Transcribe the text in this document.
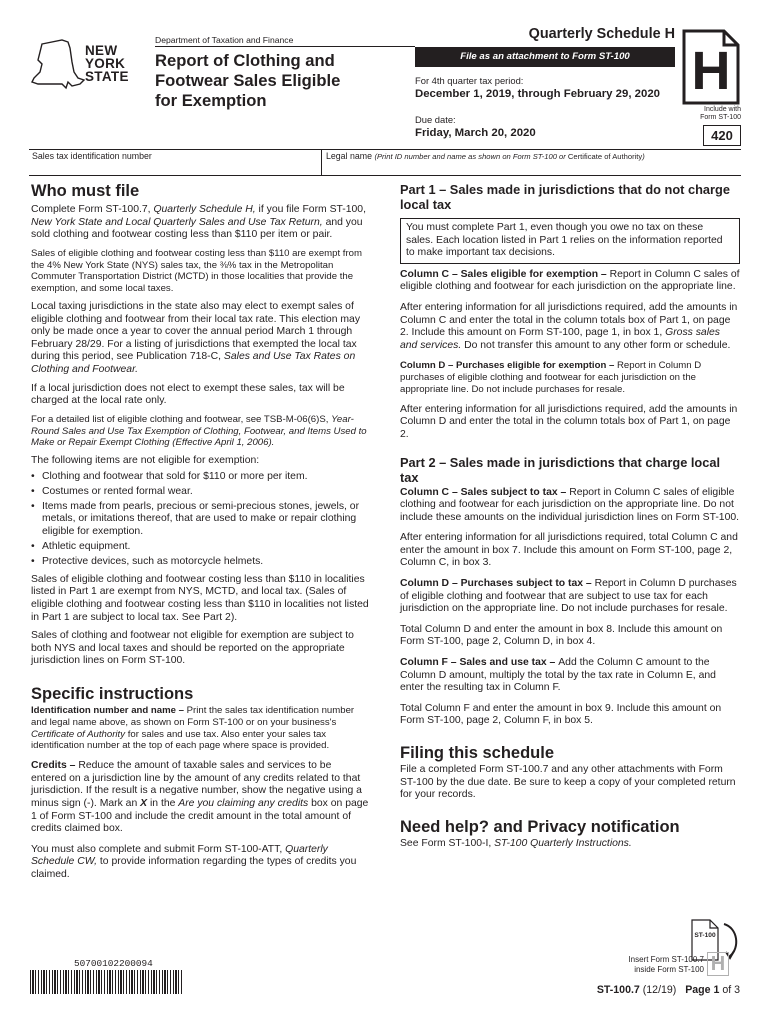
NEW
YORK
STATE
Department of Taxation and Finance
Report of Clothing and
Footwear Sales Eligible
for Exemption
Quarterly Schedule H
File as an attachment to Form ST-100
For 4th quarter tax period:
December 1, 2019, through February 29, 2020
Due date:
Friday, March 20, 2020
H
Include with
Form ST-100
420
Sales tax identification number	Legal name (Print ID number and name as shown on Form ST-100 or Certificate of Authority)
Who must file
Complete Form ST-100.7, Quarterly Schedule H, if you file Form ST-100, New York State and Local Quarterly Sales and Use Tax Return, and you sold clothing and footwear costing less than $110 per item or pair.
Sales of eligible clothing and footwear costing less than $110 are exempt from the 4% New York State (NYS) sales tax, the ⅜% tax in the Metropolitan Commuter Transportation District (MCTD) in those localities that provide the exemption, and some local taxes.
Local taxing jurisdictions in the state also may elect to exempt sales of eligible clothing and footwear from their local tax rate. This election may only be made once a year to cover the annual period March 1 through February 28/29. For a listing of jurisdictions that exempted the local tax during this period, see Publication 718-C, Sales and Use Tax Rates on Clothing and Footwear.
If a local jurisdiction does not elect to exempt these sales, tax will be charged at the local rate only.
For a detailed list of eligible clothing and footwear, see TSB-M-06(6)S, Year-Round Sales and Use Tax Exemption of Clothing, Footwear, and Items Used to Make or Repair Exempt Clothing (Effective April 1, 2006).
The following items are not eligible for exemption:
• Clothing and footwear that sold for $110 or more per item.
• Costumes or rented formal wear.
• Items made from pearls, precious or semi-precious stones, jewels, or metals, or imitations thereof, that are used to make or repair clothing eligible for exemption.
• Athletic equipment.
• Protective devices, such as motorcycle helmets.
Sales of eligible clothing and footwear costing less than $110 in localities listed in Part 1 are exempt from NYS, MCTD, and local tax. (Sales of eligible clothing and footwear costing less than $110 in localities not listed in Part 1 are subject to local tax. See Part 2).
Sales of clothing and footwear not eligible for exemption are subject to both NYS and local taxes and should be reported on the appropriate jurisdiction lines on Form ST-100.
Specific instructions
Identification number and name – Print the sales tax identification number and legal name above, as shown on Form ST-100 or on your business's Certificate of Authority for sales and use tax. Also enter your sales tax identification number at the top of each page where space is provided.
Credits – Reduce the amount of taxable sales and services to be entered on a jurisdiction line by the amount of any credits related to that jurisdiction. If the result is a negative number, show the negative using a minus sign (-). Mark an X in the Are you claiming any credits box on page 1 of Form ST-100 and include the credit amount in the total amount of credits claimed box.
You must also complete and submit Form ST-100-ATT, Quarterly Schedule CW, to provide information regarding the types of credits you claimed.
Part 1 – Sales made in jurisdictions that do not charge local tax
You must complete Part 1, even though you owe no tax on these sales. Each location listed in Part 1 relies on the information reported to make important tax decisions.
Column C – Sales eligible for exemption – Report in Column C sales of eligible clothing and footwear for each jurisdiction on the appropriate line.
After entering information for all jurisdictions required, add the amounts in Column C and enter the total in the column totals box of Part 1, on page 2. Include this amount on Form ST-100, page 1, in box 1, Gross sales and services. Do not transfer this amount to any other form or schedule.
Column D – Purchases eligible for exemption – Report in Column D purchases of eligible clothing and footwear for each jurisdiction on the appropriate line. Do not include purchases for resale.
After entering information for all jurisdictions required, add the amounts in Column D and enter the total in the column totals box of Part 1, on page 2.
Part 2 – Sales made in jurisdictions that charge local tax
Column C – Sales subject to tax – Report in Column C sales of eligible clothing and footwear for each jurisdiction on the appropriate line. Do not include these amounts on the individual jurisdiction lines on Form ST-100.
After entering information for all jurisdictions required, total Column C and enter the amount in box 7. Include this amount on Form ST-100, page 2, Column C, in box 3.
Column D – Purchases subject to tax – Report in Column D purchases of eligible clothing and footwear that are subject to use tax for each jurisdiction on the appropriate line. Do not include purchases for resale.
Total Column D and enter the amount in box 8. Include this amount on Form ST-100, page 2, Column D, in box 4.
Column F – Sales and use tax – Add the Column C amount to the Column D amount, multiply the total by the tax rate in Column E, and enter the resulting tax in Column F.
Total Column F and enter the amount in box 9. Include this amount on Form ST-100, page 2, Column F, in box 5.
Filing this schedule
File a completed Form ST-100.7 and any other attachments with Form ST-100 by the due date. Be sure to keep a copy of your completed return for your records.
Need help? and Privacy notification
See Form ST-100-I, ST-100 Quarterly Instructions.
50700102200094
ST-100
Insert Form ST-100.7
inside Form ST-100 H
ST-100.7 (12/19) Page 1 of 3
